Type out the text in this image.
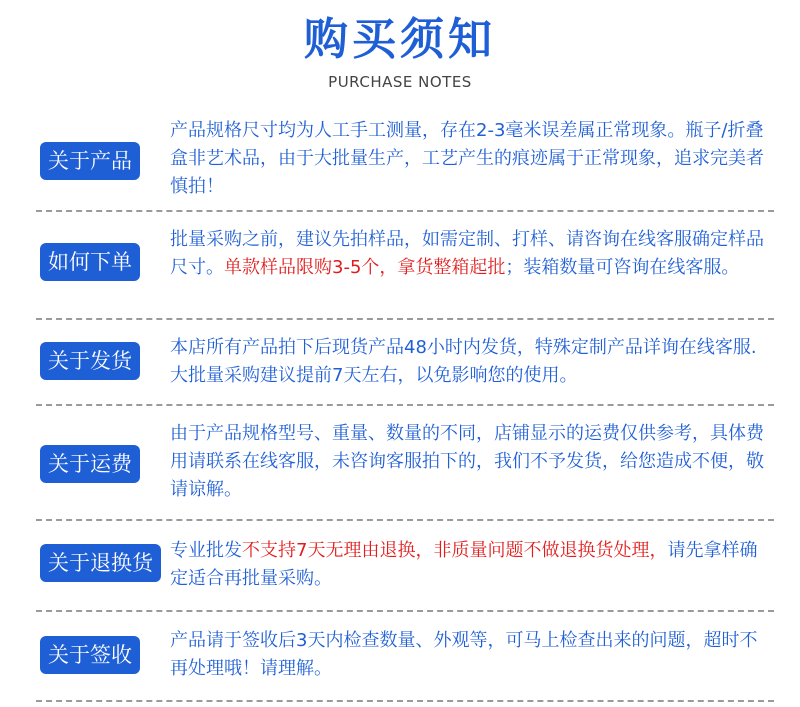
购买须知
PURCHASE NOTES
关于产品
产品规格尺寸均为人工手工测量，存在2-3毫米误差属正常现象。瓶子/折叠盒非艺术品，由于大批量生产，工艺产生的痕迹属于正常现象，追求完美者慎拍！
如何下单
批量采购之前，建议先拍样品，如需定制、打样、请咨询在线客服确定样品尺寸。单款样品限购3-5个，拿货整箱起批；装箱数量可咨询在线客服。
关于发货
本店所有产品拍下后现货产品48小时内发货，特殊定制产品详询在线客服.大批量采购建议提前7天左右，以免影响您的使用。
关于运费
由于产品规格型号、重量、数量的不同，店铺显示的运费仅供参考，具体费用请联系在线客服，未咨询客服拍下的，我们不予发货，给您造成不便，敬请谅解。
关于退换货
专业批发不支持7天无理由退换，非质量问题不做退换货处理，请先拿样确定适合再批量采购。
关于签收
产品请于签收后3天内检查数量、外观等，可马上检查出来的问题，超时不再处理哦！请理解。
